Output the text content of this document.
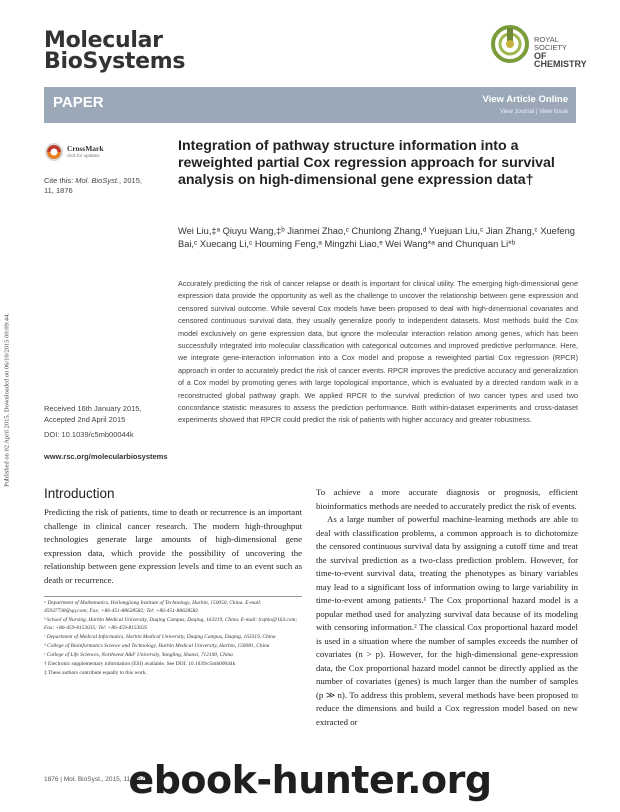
Molecular
BioSystems
ROYAL SOCIETY
OF CHEMISTRY
PAPER	View Article Online
View Journal | View Issue
CrossMark
click for updates
Cite this: Mol. BioSyst., 2015,
11, 1876
Received 16th January 2015,
Accepted 2nd April 2015
DOI: 10.1039/c5mb00044k
www.rsc.org/molecularbiosystems
Published on 02 April 2015. Downloaded on 06/10/2015 00:09:44.
Integration of pathway structure information into a reweighted partial Cox regression approach for survival analysis on high-dimensional gene expression data†
Wei Liu,‡ᵃ Qiuyu Wang,‡ᵇ Jianmei Zhao,ᶜ Chunlong Zhang,ᵈ Yuejuan Liu,ᶜ Jian Zhang,ᶜ Xuefeng Bai,ᶜ Xuecang Li,ᶜ Houming Feng,ᵃ Mingzhi Liao,ᵉ Wei Wang*ᵃ and Chunquan Li*ᵇ
Accurately predicting the risk of cancer relapse or death is important for clinical utility. The emerging high-dimensional gene expression data provide the opportunity as well as the challenge to uncover the relationship between gene expression and censored survival outcome. While several Cox models have been proposed to deal with high-dimensional covariates and censored continuous survival data, they usually generalize poorly to independent datasets. Most methods build the Cox model exclusively on gene expression data, but ignore the molecular interaction relation among genes, which has been successfully integrated into molecular classification with categorical outcomes and improved predictive performance. Here, we integrate gene-interaction information into a Cox model and propose a reweighted partial Cox regression (RPCR) approach in order to accurately predict the risk of cancer events. RPCR improves the predictive accuracy and generalization of a Cox model by promoting genes with large topological importance, which is evaluated by a directed random walk in a reconstructed global pathway graph. We applied RPCR to the survival prediction of two cancer types and used two concordance statistic measures to assess the prediction performance. Both within-dataset experiments and cross-dataset experiments showed that RPCR could predict the risk of patients with higher accuracy and greater robustness.
Introduction
Predicting the risk of patients, time to death or recurrence is an important challenge in clinical cancer research. The modern high-throughput technologies generate large amounts of high-dimensional gene expression data, which provide the possibility of uncovering the relationship between gene expression levels and time to an event such as death or recurrence.

To achieve a more accurate diagnosis or prognosis, efficient bioinformatics methods are needed to accurately predict the risk of events.

As a large number of powerful machine-learning methods are able to deal with classification problems, a common approach is to dichotomize the censored continuous survival data by assigning a cutoff time and treat the survival prediction as a two-class prediction problem. However, for time-to-event survival data, treating the phenotypes as binary variables may lead to a significant loss of information owing to large variability in time-to-event among patients.¹ The Cox proportional hazard model is a popular method used for analyzing survival data because of its modeling with censoring information.² The classical Cox proportional hazard model is used in a situation where the number of samples exceeds the number of covariates (n > p). However, for the high-dimensional gene-expression data, the Cox proportional hazard model cannot be directly applied as the number of covariates (genes) is much larger than the number of samples (p ≫ n). To address this problem, several methods have been proposed to reduce the dimensions and build a Cox regression model based on new extracted or

ᵃ Department of Mathematics, Heilongjiang Institute of Technology, Harbin, 150050, China. E-mail: 45937738@qq.com; Fax: +86-451-88628582; Tel: +86-451-88628582
ᵇ School of Nursing, Harbin Medical University, Daqing Campus, Daqing, 163319, China. E-mail: lcqbio@163.com; Fax: +86-459-8153035; Tel: +86-459-8153035
ᶜ Department of Medical Informatics, Harbin Medical University, Daqing Campus, Daqing, 163319, China
ᵈ College of Bioinformatics Science and Technology, Harbin Medical University, Harbin, 150081, China
ᵉ College of Life Sciences, Northwest A&F University, Yangling, Shanxi, 712100, China
† Electronic supplementary information (ESI) available. See DOI: 10.1039/c5mb00044k
‡ These authors contribute equally to this work.
1876 | Mol. BioSyst., 2015, 11, 1876
ebook-hunter.org
